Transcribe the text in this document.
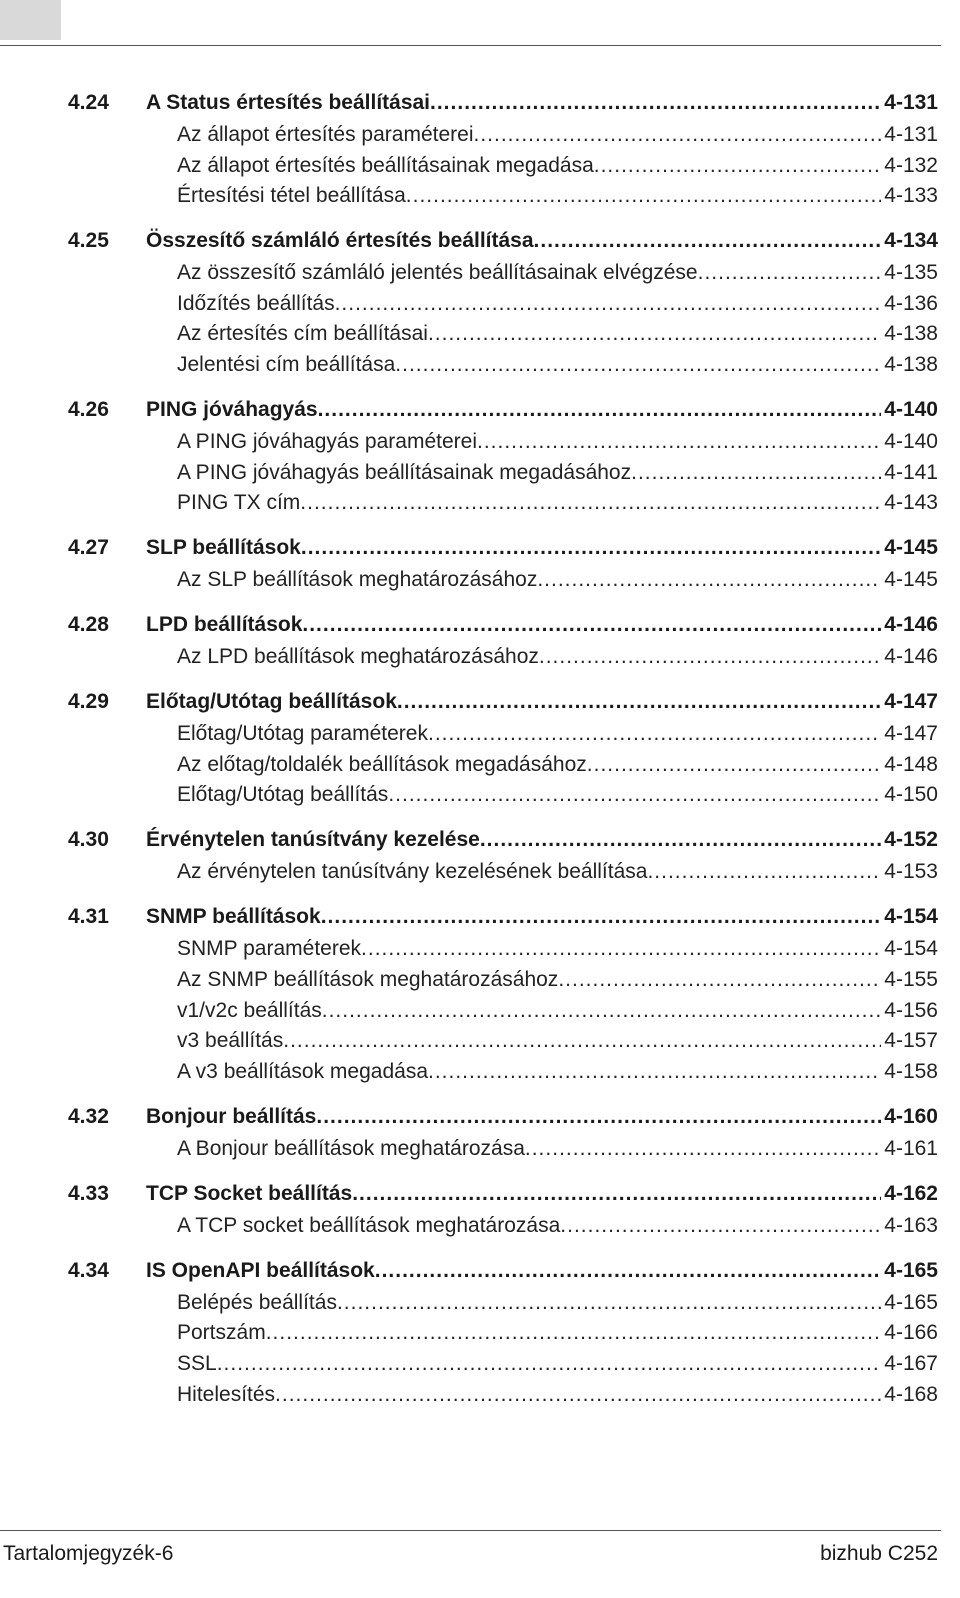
4.24 A Status értesítés beállításai .....	4-131
Az állapot értesítés paraméterei .....	4-131
Az állapot értesítés beállításainak megadása .....	4-132
Értesítési tétel beállítása .....	4-133
4.25 Összesítő számláló értesítés beállítása .....	4-134
Az összesítő számláló jelentés beállításainak elvégzése .....	4-135
Időzítés beállítás .....	4-136
Az értesítés cím beállításai .....	4-138
Jelentési cím beállítása .....	4-138
4.26 PING jóváhagyás .....	4-140
A PING jóváhagyás paraméterei .....	4-140
A PING jóváhagyás beállításainak megadásához .....	4-141
PING TX cím .....	4-143
4.27 SLP beállítások .....	4-145
Az SLP beállítások meghatározásához .....	4-145
4.28 LPD beállítások .....	4-146
Az LPD beállítások meghatározásához .....	4-146
4.29 Előtag/Utótag beállítások .....	4-147
Előtag/Utótag paraméterek .....	4-147
Az előtag/toldalék beállítások megadásához .....	4-148
Előtag/Utótag beállítás .....	4-150
4.30 Érvénytelen tanúsítvány kezelése .....	4-152
Az érvénytelen tanúsítvány kezelésének beállítása .....	4-153
4.31 SNMP beállítások .....	4-154
SNMP paraméterek .....	4-154
Az SNMP beállítások meghatározásához .....	4-155
v1/v2c beállítás .....	4-156
v3 beállítás .....	4-157
A v3 beállítások megadása .....	4-158
4.32 Bonjour beállítás .....	4-160
A Bonjour beállítások meghatározása .....	4-161
4.33 TCP Socket beállítás .....	4-162
A TCP socket beállítások meghatározása .....	4-163
4.34 IS OpenAPI beállítások .....	4-165
Belépés beállítás .....	4-165
Portszám .....	4-166
SSL .....	4-167
Hitelesítés .....	4-168
Tartalomjegyzék-6	bizhub C252
